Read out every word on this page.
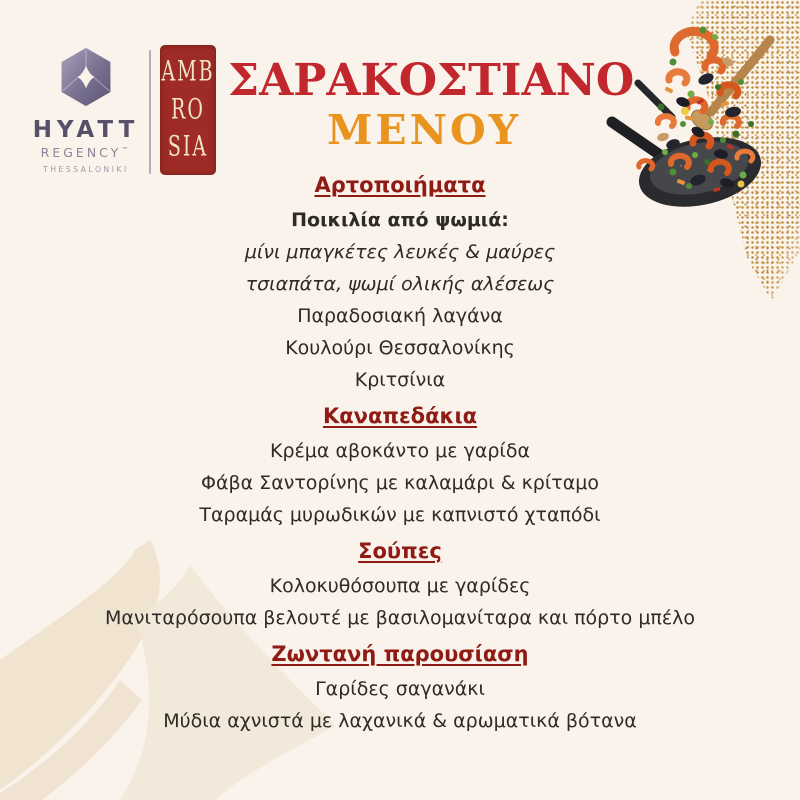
HYATT
REGENCY™
THESSALONIKI
AMB
RO
SIA
ΣΑΡΑΚΟΣΤΙΑΝΟ
ΜΕΝΟΥ
Αρτοποιήματα

Ποικιλία από ψωμιά:

μίνι μπαγκέτες λευκές & μαύρες

τσιαπάτα, ψωμί ολικής αλέσεως

Παραδοσιακή λαγάνα

Κουλούρι Θεσσαλονίκης

Κριτσίνια

Καναπεδάκια

Κρέμα αβοκάντο με γαρίδα

Φάβα Σαντορίνης με καλαμάρι & κρίταμο

Ταραμάς μυρωδικών με καπνιστό χταπόδι

Σούπες

Κολοκυθόσουπα με γαρίδες

Μανιταρόσουπα βελουτέ με βασιλομανίταρα και πόρτο μπέλο

Ζωντανή παρουσίαση

Γαρίδες σαγανάκι

Μύδια αχνιστά με λαχανικά & αρωματικά βότανα
